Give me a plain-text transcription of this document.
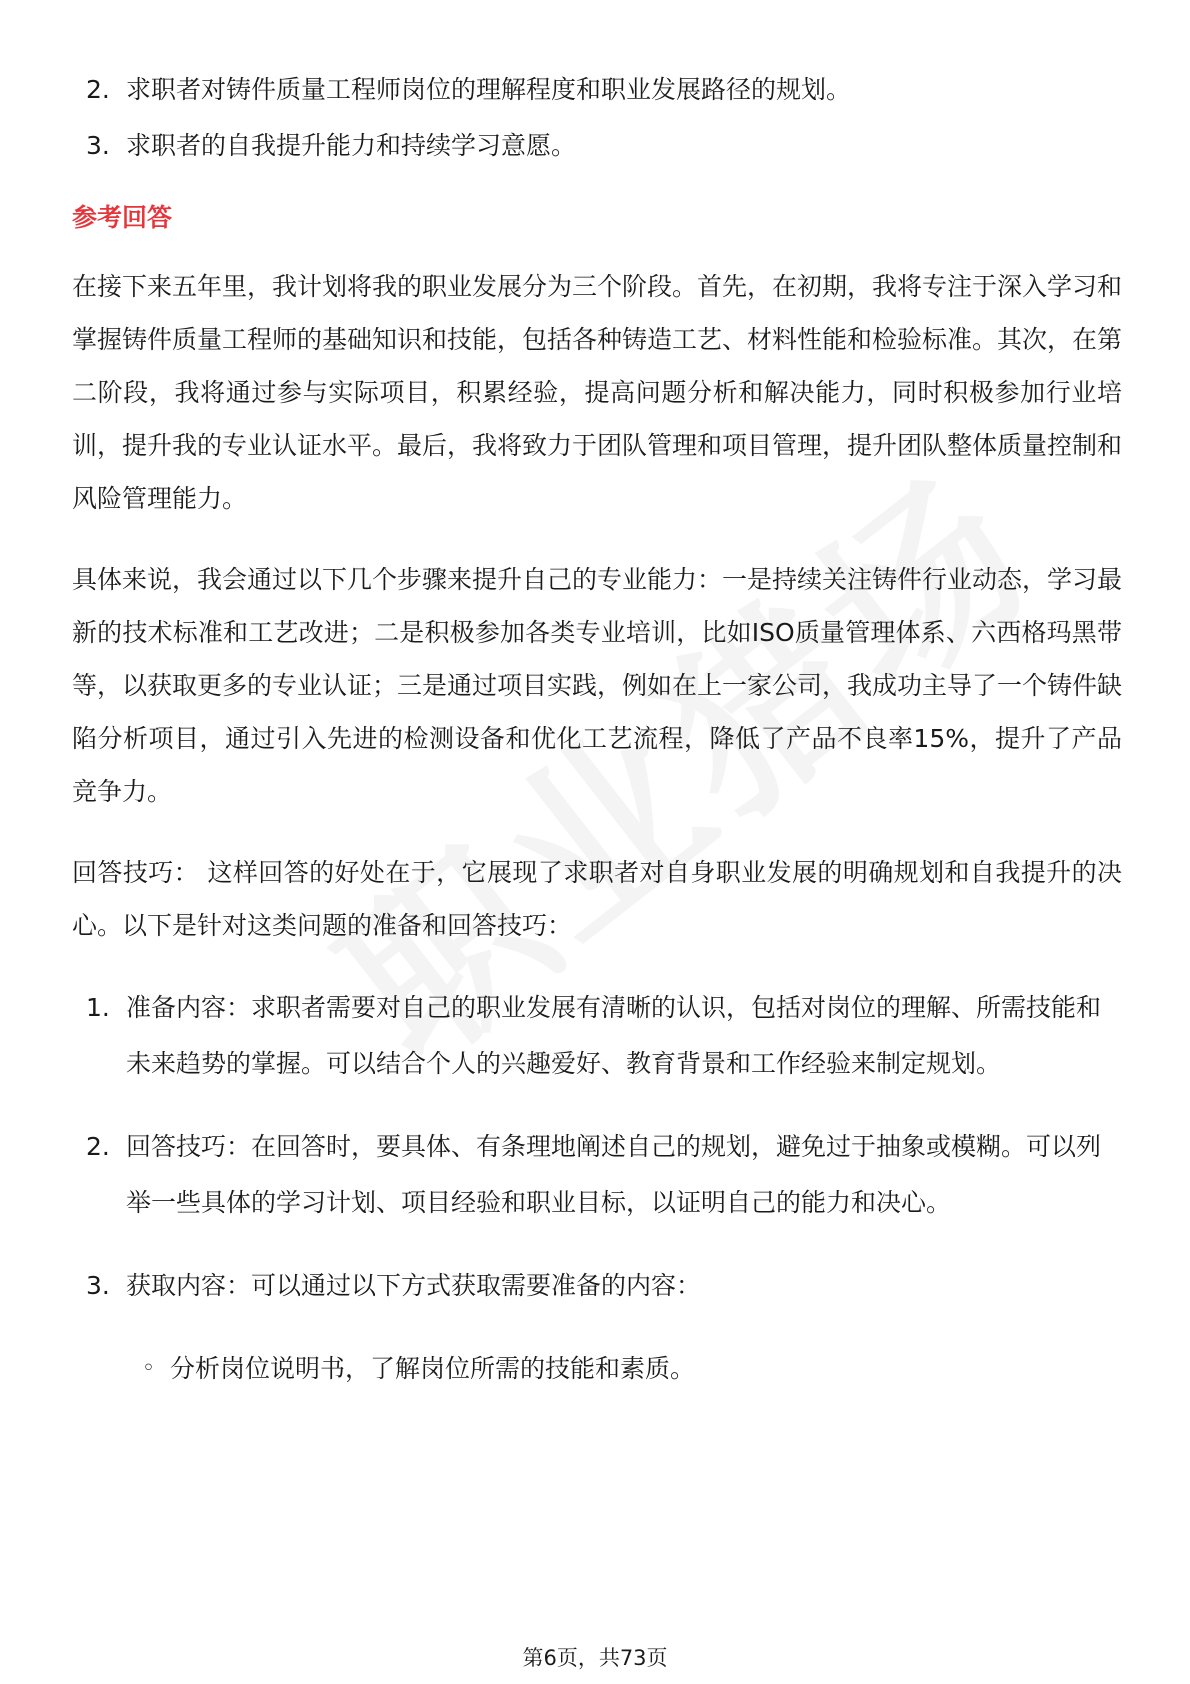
2. 求职者对铸件质量工程师岗位的理解程度和职业发展路径的规划。
3. 求职者的自我提升能力和持续学习意愿。
参考回答
在接下来五年里，我计划将我的职业发展分为三个阶段。首先，在初期，我将专注于深入学习和掌握铸件质量工程师的基础知识和技能，包括各种铸造工艺、材料性能和检验标准。其次，在第二阶段，我将通过参与实际项目，积累经验，提高问题分析和解决能力，同时积极参加行业培训，提升我的专业认证水平。最后，我将致力于团队管理和项目管理，提升团队整体质量控制和风险管理能力。
具体来说，我会通过以下几个步骤来提升自己的专业能力：一是持续关注铸件行业动态，学习最新的技术标准和工艺改进；二是积极参加各类专业培训，比如ISO质量管理体系、六西格玛黑带等，以获取更多的专业认证；三是通过项目实践，例如在上一家公司，我成功主导了一个铸件缺陷分析项目，通过引入先进的检测设备和优化工艺流程，降低了产品不良率15%，提升了产品竞争力。
回答技巧： 这样回答的好处在于，它展现了求职者对自身职业发展的明确规划和自我提升的决心。以下是针对这类问题的准备和回答技巧：
1. 准备内容：求职者需要对自己的职业发展有清晰的认识，包括对岗位的理解、所需技能和未来趋势的掌握。可以结合个人的兴趣爱好、教育背景和工作经验来制定规划。
2. 回答技巧：在回答时，要具体、有条理地阐述自己的规划，避免过于抽象或模糊。可以列举一些具体的学习计划、项目经验和职业目标，以证明自己的能力和决心。
3. 获取内容：可以通过以下方式获取需要准备的内容：
◦ 分析岗位说明书，了解岗位所需的技能和素质。
第6页，共73页
